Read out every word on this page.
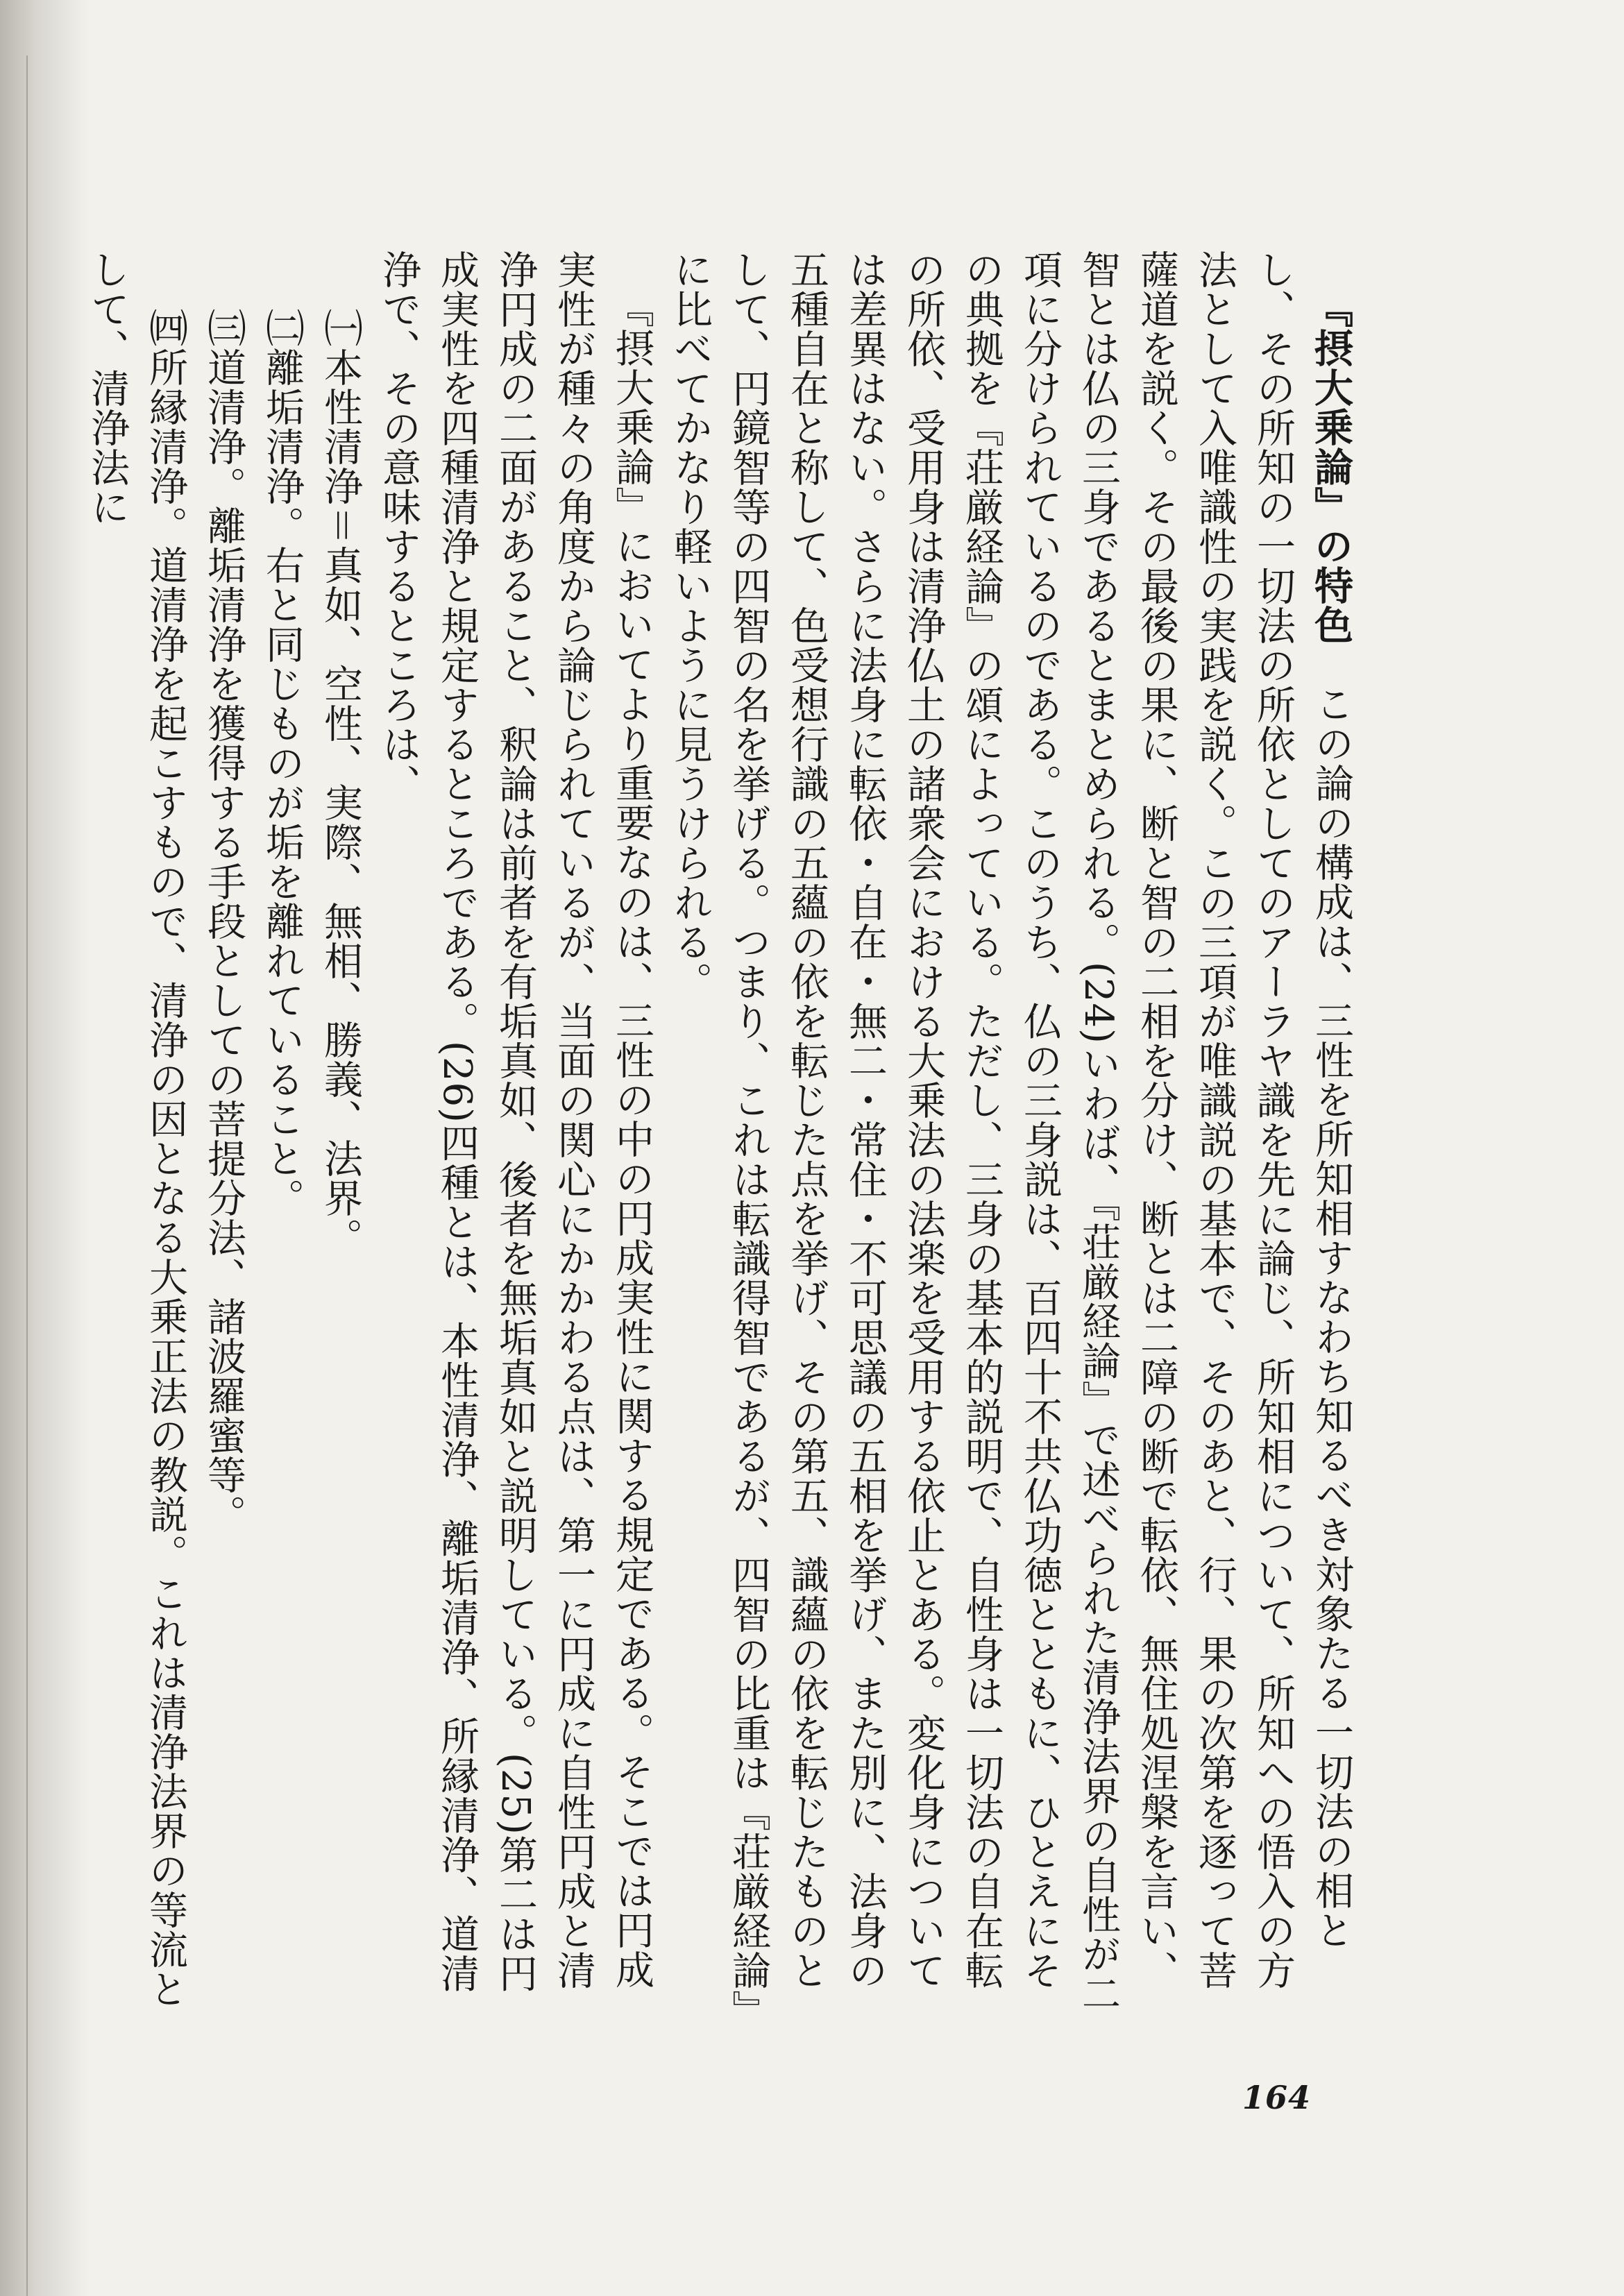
『摂大乗論』の特色　この論の構成は、三性を所知相すなわち知るべき対象たる一切法の相とし、その所知の一切法の所依としてのアーラヤ識を先に論じ、所知相について、所知への悟入の方法として入唯識性の実践を説く。この三項が唯識説の基本で、そのあと、行、果の次第を逐って菩薩道を説く。その最後の果に、断と智の二相を分け、断とは二障の断で転依、無住処涅槃を言い、智とは仏の三身であるとまとめられる。(24)いわば、『荘厳経論』で述べられた清浄法界の自性が二項に分けられているのである。このうち、仏の三身説は、百四十不共仏功徳とともに、ひとえにその典拠を『荘厳経論』の頌によっている。ただし、三身の基本的説明で、自性身は一切法の自在転の所依、受用身は清浄仏土の諸衆会における大乗法の法楽を受用する依止とある。変化身については差異はない。さらに法身に転依・自在・無二・常住・不可思議の五相を挙げ、また別に、法身の五種自在と称して、色受想行識の五蘊の依を転じた点を挙げ、その第五、識蘊の依を転じたものとして、円鏡智等の四智の名を挙げる。つまり、これは転識得智であるが、四智の比重は『荘厳経論』に比べてかなり軽いように見うけられる。

『摂大乗論』においてより重要なのは、三性の中の円成実性に関する規定である。そこでは円成実性が種々の角度から論じられているが、当面の関心にかかわる点は、第一に円成に自性円成と清浄円成の二面があること、釈論は前者を有垢真如、後者を無垢真如と説明している。(25)第二は円成実性を四種清浄と規定するところである。(26)四種とは、本性清浄、離垢清浄、所縁清浄、道清浄で、その意味するところは、

㈠本性清浄＝真如、空性、実際、無相、勝義、法界。

㈡離垢清浄。右と同じものが垢を離れていること。

㈢道清浄。離垢清浄を獲得する手段としての菩提分法、諸波羅蜜等。

㈣所縁清浄。道清浄を起こすもので、清浄の因となる大乗正法の教説。これは清浄法界の等流として、清浄法に

164
